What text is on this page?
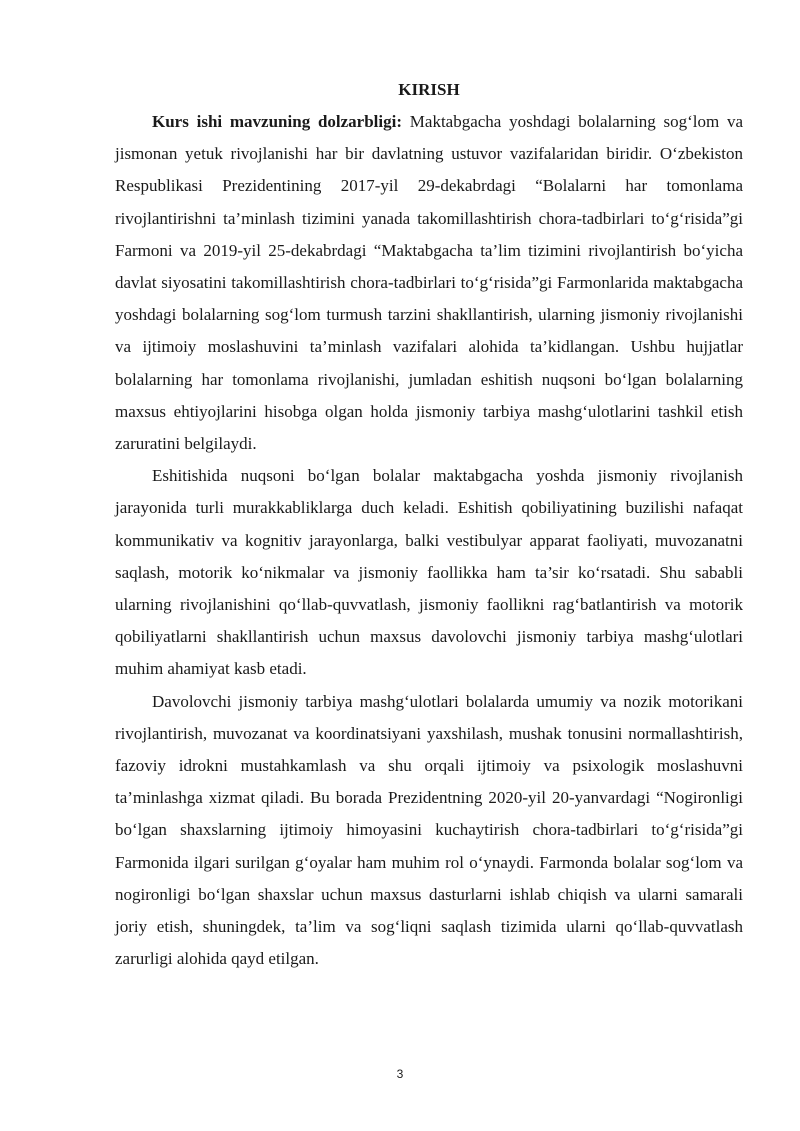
KIRISH

Kurs ishi mavzuning dolzarbligi: Maktabgacha yoshdagi bolalarning sog‘lom va jismonan yetuk rivojlanishi har bir davlatning ustuvor vazifalaridan biridir. O‘zbekiston Respublikasi Prezidentining 2017-yil 29-dekabrdagi “Bolalarni har tomonlama rivojlantirishni ta’minlash tizimini yanada takomillashtirish chora-tadbirlari to‘g‘risida”gi Farmoni va 2019-yil 25-dekabrdagi “Maktabgacha ta’lim tizimini rivojlantirish bo‘yicha davlat siyosatini takomillashtirish chora-tadbirlari to‘g‘risida”gi Farmonlarida maktabgacha yoshdagi bolalarning sog‘lom turmush tarzini shakllantirish, ularning jismoniy rivojlanishi va ijtimoiy moslashuvini ta’minlash vazifalari alohida ta’kidlangan. Ushbu hujjatlar bolalarning har tomonlama rivojlanishi, jumladan eshitish nuqsoni bo‘lgan bolalarning maxsus ehtiyojlarini hisobga olgan holda jismoniy tarbiya mashg‘ulotlarini tashkil etish zaruratini belgilaydi.

Eshitishida nuqsoni bo‘lgan bolalar maktabgacha yoshda jismoniy rivojlanish jarayonida turli murakkabliklarga duch keladi. Eshitish qobiliyatining buzilishi nafaqat kommunikativ va kognitiv jarayonlarga, balki vestibulyar apparat faoliyati, muvozanatni saqlash, motorik ko‘nikmalar va jismoniy faollikka ham ta’sir ko‘rsatadi. Shu sababli ularning rivojlanishini qo‘llab-quvvatlash, jismoniy faollikni rag‘batlantirish va motorik qobiliyatlarni shakllantirish uchun maxsus davolovchi jismoniy tarbiya mashg‘ulotlari muhim ahamiyat kasb etadi.

Davolovchi jismoniy tarbiya mashg‘ulotlari bolalarda umumiy va nozik motorikani rivojlantirish, muvozanat va koordinatsiyani yaxshilash, mushak tonusini normallashtirish, fazoviy idrokni mustahkamlash va shu orqali ijtimoiy va psixologik moslashuvni ta’minlashga xizmat qiladi. Bu borada Prezidentning 2020-yil 20-yanvardagi “Nogironligi bo‘lgan shaxslarning ijtimoiy himoyasini kuchaytirish chora-tadbirlari to‘g‘risida”gi Farmonida ilgari surilgan g‘oyalar ham muhim rol o‘ynaydi. Farmonda bolalar sog‘lom va nogironligi bo‘lgan shaxslar uchun maxsus dasturlarni ishlab chiqish va ularni samarali joriy etish, shuningdek, ta’lim va sog‘liqni saqlash tizimida ularni qo‘llab-quvvatlash zarurligi alohida qayd etilgan.

3
